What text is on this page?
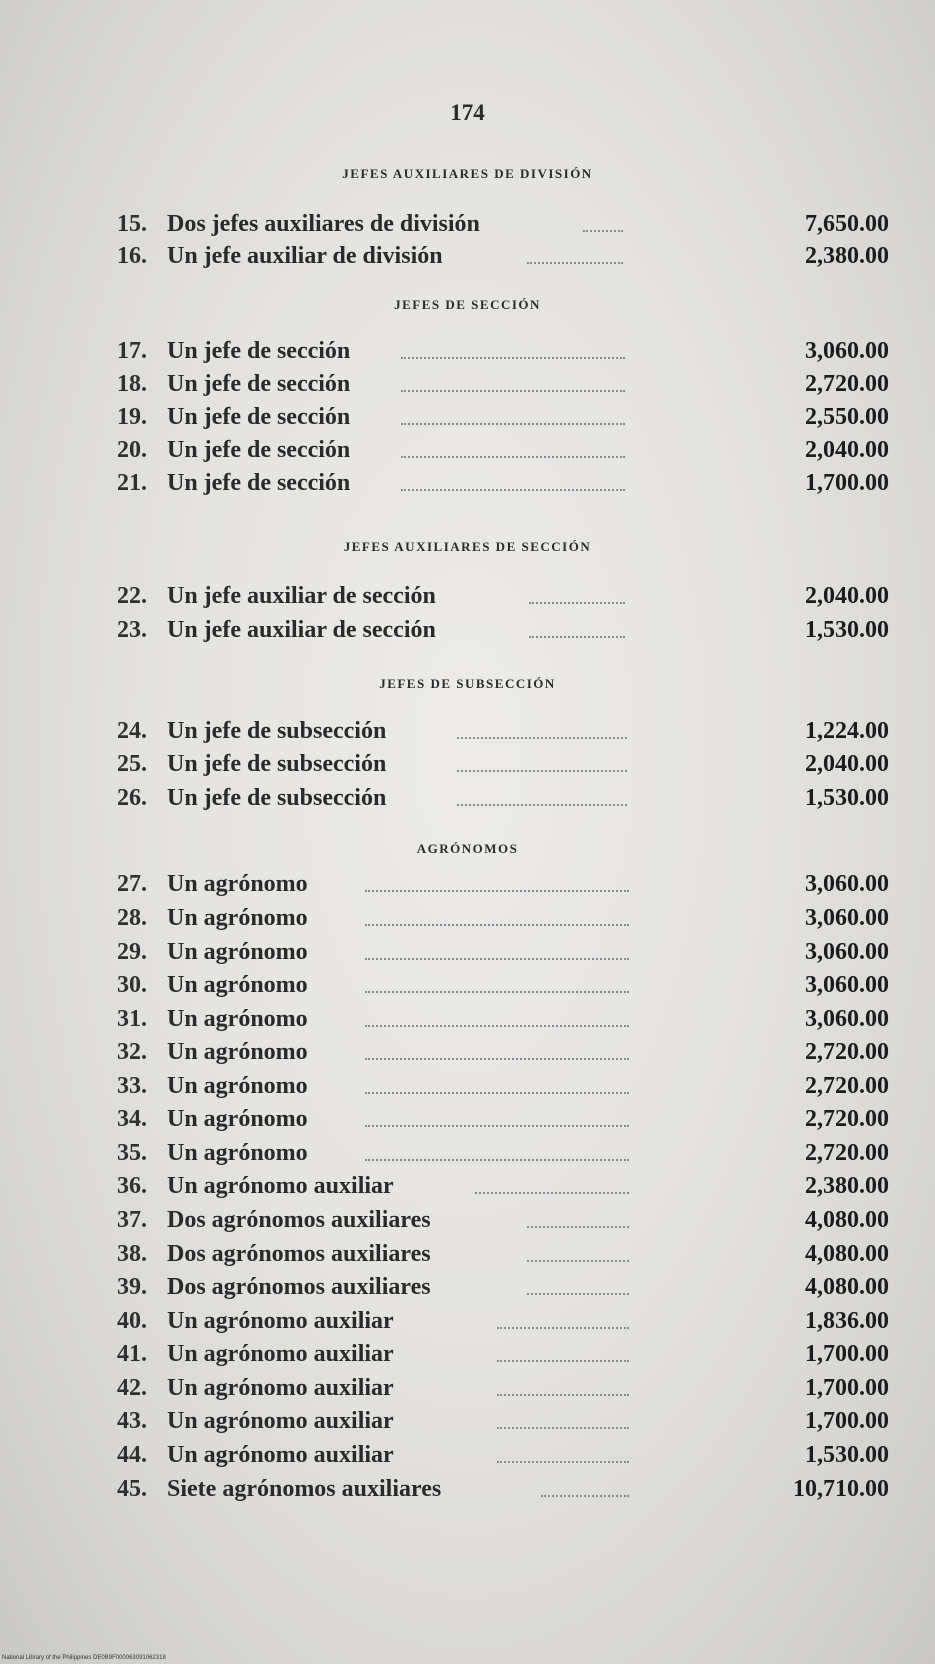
174
JEFES AUXILIARES DE DIVISIÓN
15. Dos jefes auxiliares de división	7,650.00
16. Un jefe auxiliar de división	2,380.00
JEFES DE SECCIÓN
17. Un jefe de sección	3,060.00
18. Un jefe de sección	2,720.00
19. Un jefe de sección	2,550.00
20. Un jefe de sección	2,040.00
21. Un jefe de sección	1,700.00
JEFES AUXILIARES DE SECCIÓN
22. Un jefe auxiliar de sección	2,040.00
23. Un jefe auxiliar de sección	1,530.00
JEFES DE SUBSECCIÓN
24. Un jefe de subsección	1,224.00
25. Un jefe de subsección	2,040.00
26. Un jefe de subsección	1,530.00
AGRÓNOMOS
27. Un agrónomo	3,060.00
28. Un agrónomo	3,060.00
29. Un agrónomo	3,060.00
30. Un agrónomo	3,060.00
31. Un agrónomo	3,060.00
32. Un agrónomo	2,720.00
33. Un agrónomo	2,720.00
34. Un agrónomo	2,720.00
35. Un agrónomo	2,720.00
36. Un agrónomo auxiliar	2,380.00
37. Dos agrónomos auxiliares	4,080.00
38. Dos agrónomos auxiliares	4,080.00
39. Dos agrónomos auxiliares	4,080.00
40. Un agrónomo auxiliar	1,836.00
41. Un agrónomo auxiliar	1,700.00
42. Un agrónomo auxiliar	1,700.00
43. Un agrónomo auxiliar	1,700.00
44. Un agrónomo auxiliar	1,530.00
45. Siete agrónomos auxiliares	10,710.00
National Library of the Philippines DE0B9F000063091062318
